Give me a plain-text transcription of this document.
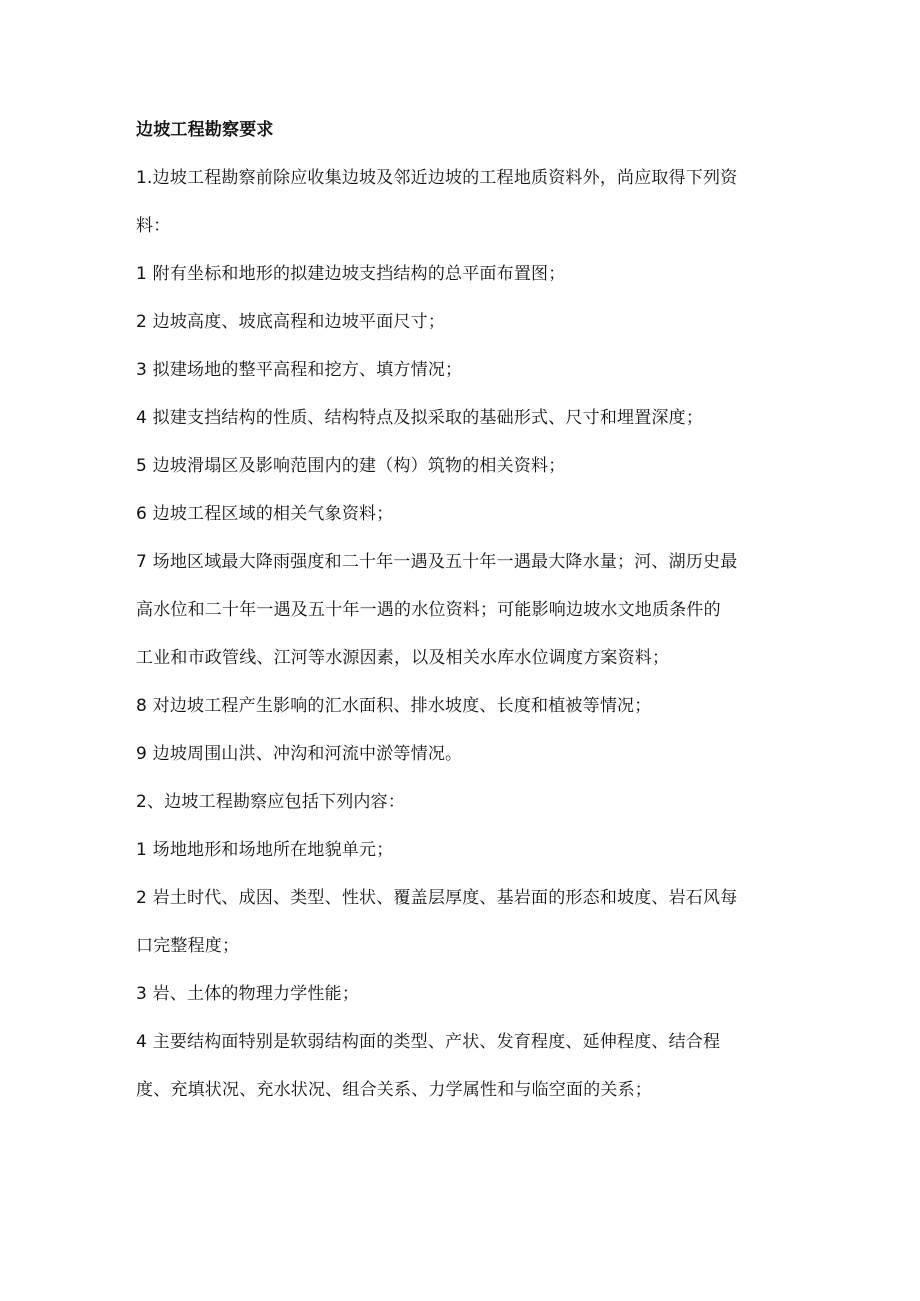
边坡工程勘察要求
1.边坡工程勘察前除应收集边坡及邻近边坡的工程地质资料外，尚应取得下列资
料：
1 附有坐标和地形的拟建边坡支挡结构的总平面布置图；
2 边坡高度、坡底高程和边坡平面尺寸；
3 拟建场地的整平高程和挖方、填方情况；
4 拟建支挡结构的性质、结构特点及拟采取的基础形式、尺寸和埋置深度；
5 边坡滑塌区及影响范围内的建（构）筑物的相关资料；
6 边坡工程区域的相关气象资料；
7 场地区域最大降雨强度和二十年一遇及五十年一遇最大降水量；河、湖历史最
高水位和二十年一遇及五十年一遇的水位资料；可能影响边坡水文地质条件的
工业和市政管线、江河等水源因素，以及相关水库水位调度方案资料；
8 对边坡工程产生影响的汇水面积、排水坡度、长度和植被等情况；
9 边坡周围山洪、冲沟和河流中淤等情况。
2、边坡工程勘察应包括下列内容：
1 场地地形和场地所在地貌单元；
2 岩土时代、成因、类型、性状、覆盖层厚度、基岩面的形态和坡度、岩石风每
口完整程度；
3 岩、土体的物理力学性能；
4 主要结构面特别是软弱结构面的类型、产状、发育程度、延伸程度、结合程
度、充填状况、充水状况、组合关系、力学属性和与临空面的关系；
